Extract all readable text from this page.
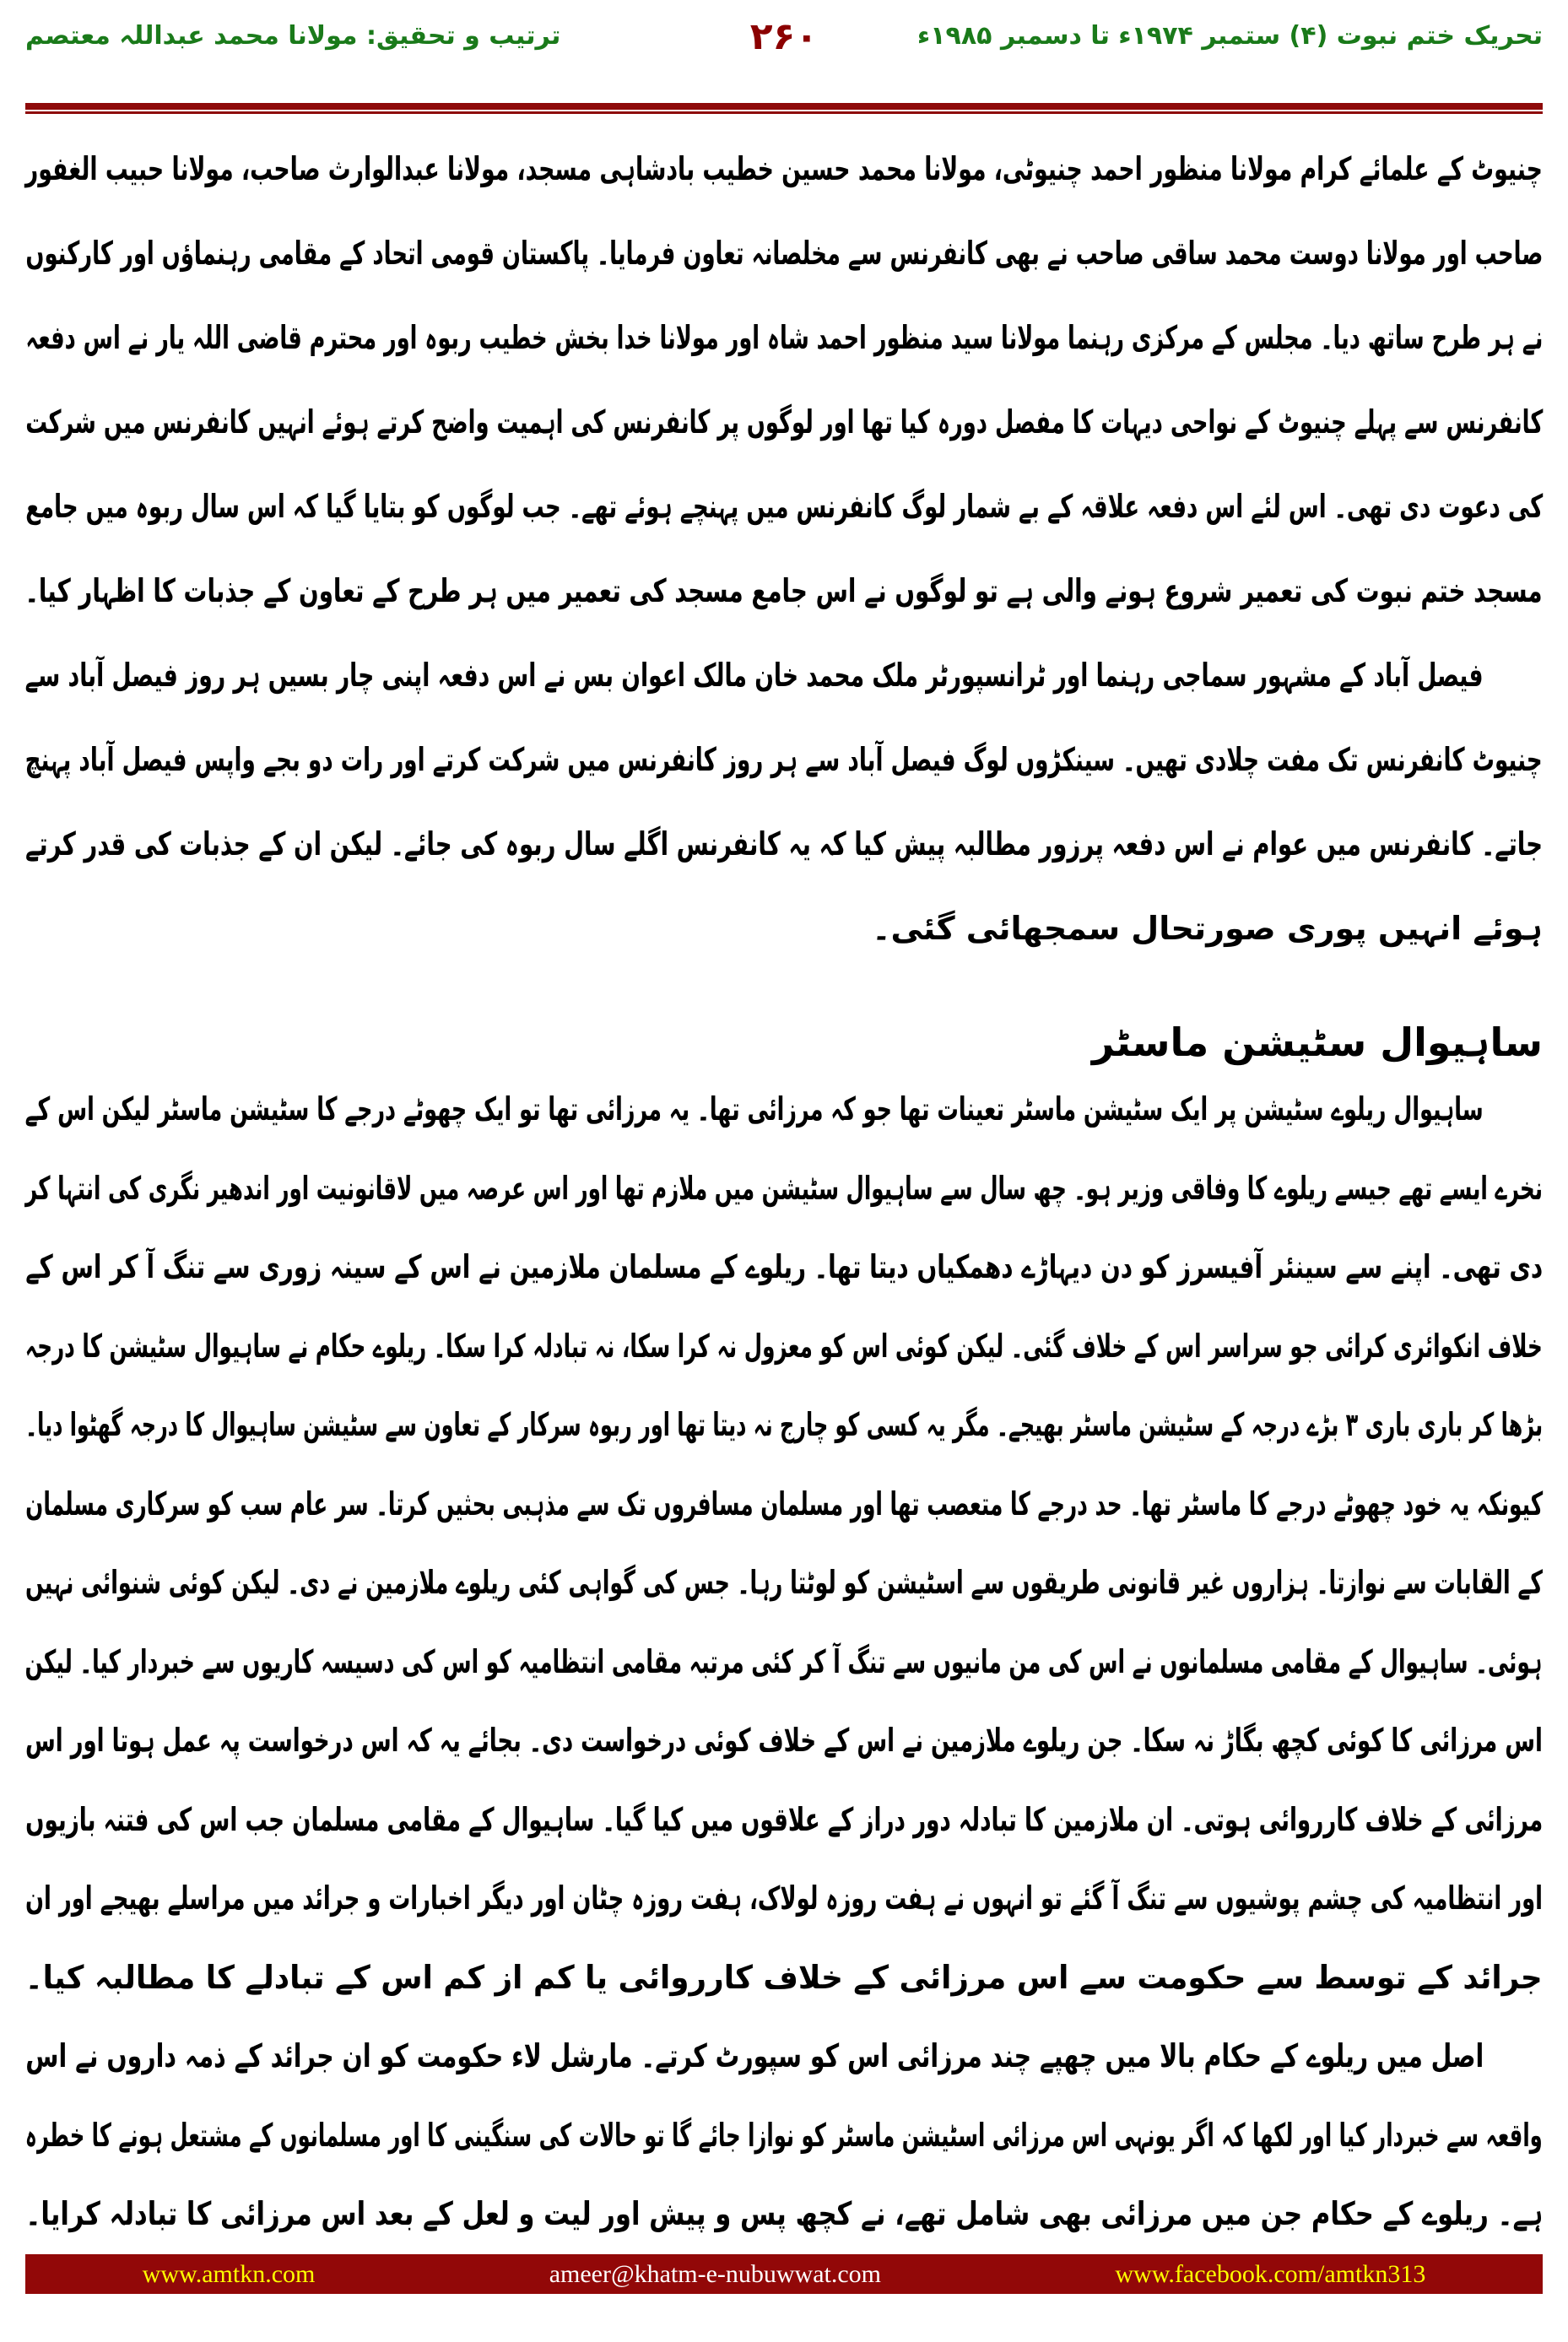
تحریک ختم نبوت (۴) ستمبر ۱۹۷۴ء تا دسمبر ۱۹۸۵ء
۲۶۰
ترتیب و تحقیق: مولانا محمد عبداللہ معتصم
چنیوٹ کے علمائے کرام مولانا منظور احمد چنیوٹی، مولانا محمد حسین خطیب بادشاہی مسجد، مولانا عبدالوارث صاحب، مولانا حبیب الغفور
صاحب اور مولانا دوست محمد ساقی صاحب نے بھی کانفرنس سے مخلصانہ تعاون فرمایا۔ پاکستان قومی اتحاد کے مقامی رہنماؤں اور کارکنوں
نے ہر طرح ساتھ دیا۔ مجلس کے مرکزی رہنما مولانا سید منظور احمد شاہ اور مولانا خدا بخش خطیب ربوہ اور محترم قاضی اللہ یار نے اس دفعہ
کانفرنس سے پہلے چنیوٹ کے نواحی دیہات کا مفصل دورہ کیا تھا اور لوگوں پر کانفرنس کی اہمیت واضح کرتے ہوئے انہیں کانفرنس میں شرکت
کی دعوت دی تھی۔ اس لئے اس دفعہ علاقہ کے بے شمار لوگ کانفرنس میں پہنچے ہوئے تھے۔ جب لوگوں کو بتایا گیا کہ اس سال ربوہ میں جامع
مسجد ختم نبوت کی تعمیر شروع ہونے والی ہے تو لوگوں نے اس جامع مسجد کی تعمیر میں ہر طرح کے تعاون کے جذبات کا اظہار کیا۔
فیصل آباد کے مشہور سماجی رہنما اور ٹرانسپورٹر ملک محمد خان مالک اعوان بس نے اس دفعہ اپنی چار بسیں ہر روز فیصل آباد سے
چنیوٹ کانفرنس تک مفت چلادی تھیں۔ سینکڑوں لوگ فیصل آباد سے ہر روز کانفرنس میں شرکت کرتے اور رات دو بجے واپس فیصل آباد پہنچ
جاتے۔ کانفرنس میں عوام نے اس دفعہ پرزور مطالبہ پیش کیا کہ یہ کانفرنس اگلے سال ربوہ کی جائے۔ لیکن ان کے جذبات کی قدر کرتے
ہوئے انہیں پوری صورتحال سمجھائی گئی۔
ساہیوال سٹیشن ماسٹر
ساہیوال ریلوے سٹیشن پر ایک سٹیشن ماسٹر تعینات تھا جو کہ مرزائی تھا۔ یہ مرزائی تھا تو ایک چھوٹے درجے کا سٹیشن ماسٹر لیکن اس کے
نخرے ایسے تھے جیسے ریلوے کا وفاقی وزیر ہو۔ چھ سال سے ساہیوال سٹیشن میں ملازم تھا اور اس عرصہ میں لاقانونیت اور اندھیر نگری کی انتہا کر
دی تھی۔ اپنے سے سینئر آفیسرز کو دن دیہاڑے دھمکیاں دیتا تھا۔ ریلوے کے مسلمان ملازمین نے اس کے سینہ زوری سے تنگ آ کر اس کے
خلاف انکوائری کرائی جو سراسر اس کے خلاف گئی۔ لیکن کوئی اس کو معزول نہ کرا سکا، نہ تبادلہ کرا سکا۔ ریلوے حکام نے ساہیوال سٹیشن کا درجہ
بڑھا کر باری باری ۳ بڑے درجہ کے سٹیشن ماسٹر بھیجے۔ مگر یہ کسی کو چارج نہ دیتا تھا اور ربوہ سرکار کے تعاون سے سٹیشن ساہیوال کا درجہ گھٹوا دیا۔
کیونکہ یہ خود چھوٹے درجے کا ماسٹر تھا۔ حد درجے کا متعصب تھا اور مسلمان مسافروں تک سے مذہبی بحثیں کرتا۔ سر عام سب کو سرکاری مسلمان
کے القابات سے نوازتا۔ ہزاروں غیر قانونی طریقوں سے اسٹیشن کو لوٹتا رہا۔ جس کی گواہی کئی ریلوے ملازمین نے دی۔ لیکن کوئی شنوائی نہیں
ہوئی۔ ساہیوال کے مقامی مسلمانوں نے اس کی من مانیوں سے تنگ آ کر کئی مرتبہ مقامی انتظامیہ کو اس کی دسیسہ کاریوں سے خبردار کیا۔ لیکن
اس مرزائی کا کوئی کچھ بگاڑ نہ سکا۔ جن ریلوے ملازمین نے اس کے خلاف کوئی درخواست دی۔ بجائے یہ کہ اس درخواست پہ عمل ہوتا اور اس
مرزائی کے خلاف کارروائی ہوتی۔ ان ملازمین کا تبادلہ دور دراز کے علاقوں میں کیا گیا۔ ساہیوال کے مقامی مسلمان جب اس کی فتنہ بازیوں
اور انتظامیہ کی چشم پوشیوں سے تنگ آ گئے تو انہوں نے ہفت روزہ لولاک، ہفت روزہ چٹان اور دیگر اخبارات و جرائد میں مراسلے بھیجے اور ان
جرائد کے توسط سے حکومت سے اس مرزائی کے خلاف کارروائی یا کم از کم اس کے تبادلے کا مطالبہ کیا۔
اصل میں ریلوے کے حکام بالا میں چھپے چند مرزائی اس کو سپورٹ کرتے۔ مارشل لاء حکومت کو ان جرائد کے ذمہ داروں نے اس
واقعہ سے خبردار کیا اور لکھا کہ اگر یونہی اس مرزائی اسٹیشن ماسٹر کو نوازا جائے گا تو حالات کی سنگینی کا اور مسلمانوں کے مشتعل ہونے کا خطرہ
ہے۔ ریلوے کے حکام جن میں مرزائی بھی شامل تھے، نے کچھ پس و پیش اور لیت و لعل کے بعد اس مرزائی کا تبادلہ کرایا۔
www.amtkn.com	ameer@khatm-e-nubuwwat.com	www.facebook.com/amtkn313
